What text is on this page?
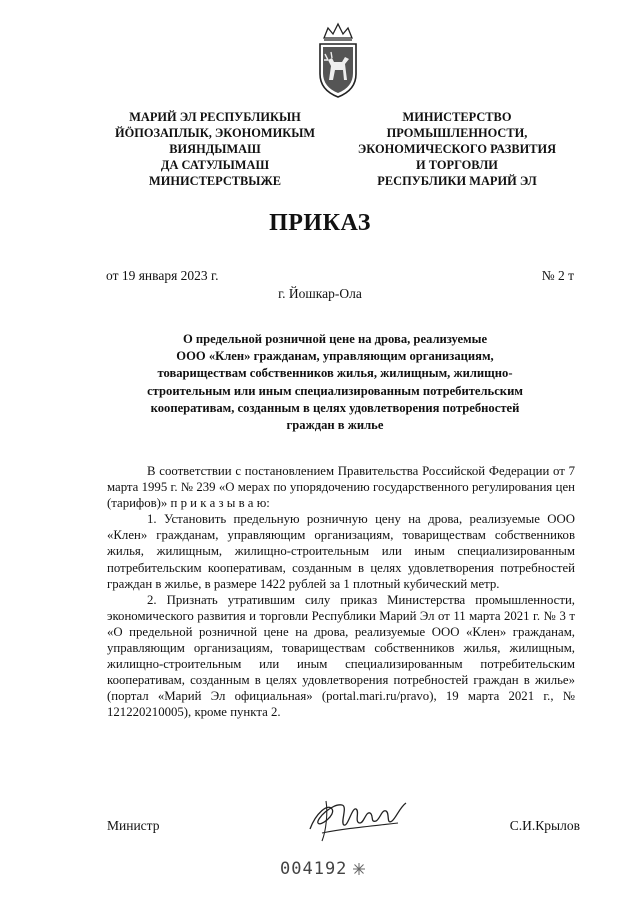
МАРИЙ ЭЛ РЕСПУБЛИКЫН
ЙӦПОЗАПЛЫК, ЭКОНОМИКЫМ
ВИЯНДЫМАШ
ДА САТУЛЫМАШ
МИНИСТЕРСТВЫЖЕ
МИНИСТЕРСТВО
ПРОМЫШЛЕННОСТИ,
ЭКОНОМИЧЕСКОГО РАЗВИТИЯ
И ТОРГОВЛИ
РЕСПУБЛИКИ МАРИЙ ЭЛ
ПРИКАЗ
от 19 января 2023 г.	№ 2 т
г. Йошкар-Ола
О предельной розничной цене на дрова, реализуемые
ООО «Клен» гражданам, управляющим организациям,
товариществам собственников жилья, жилищным, жилищно-
строительным или иным специализированным потребительским
кооперативам, созданным в целях удовлетворения потребностей
граждан в жилье

В соответствии с постановлением Правительства Российской Федерации от 7 марта 1995 г. № 239 «О мерах по упорядочению государственного регулирования цен (тарифов)» п р и к а з ы в а ю:

1. Установить предельную розничную цену на дрова, реализуемые ООО «Клен» гражданам, управляющим организациям, товариществам собственников жилья, жилищным, жилищно-строительным или иным специализированным потребительским кооперативам, созданным в целях удовлетворения потребностей граждан в жилье, в размере 1422 рублей за 1 плотный кубический метр.

2. Признать утратившим силу приказ Министерства промышленности, экономического развития и торговли Республики Марий Эл от 11 марта 2021 г. № 3 т «О предельной розничной цене на дрова, реализуемые ООО «Клен» гражданам, управляющим организациям, товариществам собственников жилья, жилищным, жилищно-строительным или иным специализированным потребительским кооперативам, созданным в целях удовлетворения потребностей граждан в жилье» (портал «Марий Эл официальная» (portal.mari.ru/pravo), 19 марта 2021 г., № 121220210005), кроме пункта 2.

Министр	С.И.Крылов
004192
